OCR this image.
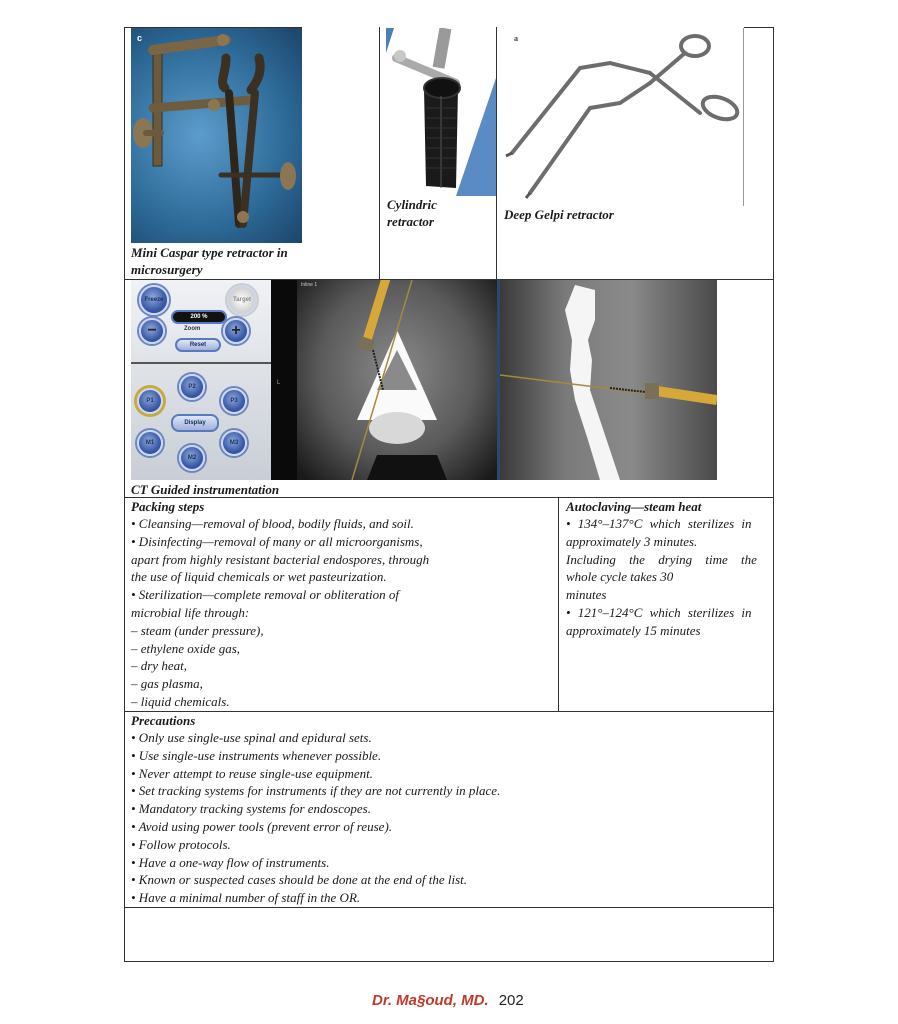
c
Mini Caspar type retractor in
microsurgery
Cylindric
retractor
a
Deep Gelpi retractor
Freeze	Target
200 %
−	Zoom	+
Reset
P2
P1	P3
Display
M1	M3
M2
L
Inline 1
CT Guided instrumentation
Packing steps
• Cleansing—removal of blood, bodily fluids, and soil.
• Disinfecting—removal of many or all microorganisms,
apart from highly resistant bacterial endospores, through
the use of liquid chemicals or wet pasteurization.
• Sterilization—complete removal or obliteration of
microbial life through:
– steam (under pressure),
– ethylene oxide gas,
– dry heat,
– gas plasma,
– liquid chemicals.
Autoclaving—steam heat
• 134°–137°C which sterilizes in
approximately 3 minutes.
Including the drying time the
whole cycle takes 30
minutes
• 121°–124°C which sterilizes in
approximately 15 minutes
Precautions
• Only use single-use spinal and epidural sets.
• Use single-use instruments whenever possible.
• Never attempt to reuse single-use equipment.
• Set tracking systems for instruments if they are not currently in place.
• Mandatory tracking systems for endoscopes.
• Avoid using power tools (prevent error of reuse).
• Follow protocols.
• Have a one-way flow of instruments.
• Known or suspected cases should be done at the end of the list.
• Have a minimal number of staff in the OR.
Dr. Ma§oud, MD. 202
